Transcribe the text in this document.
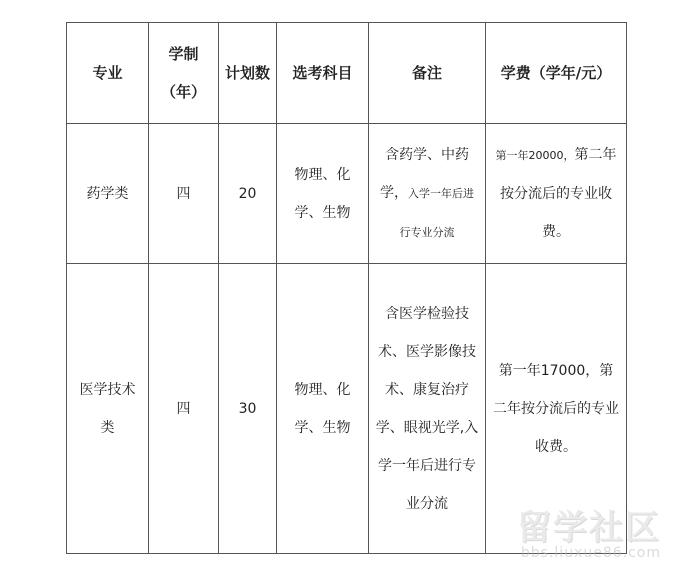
专业	学制（年）	计划数	选考科目	备注	学费（学年/元）
药学类	四	20	物理、化学、生物	含药学、中药学，入学一年后进行专业分流	第一年20000，第二年按分流后的专业收费。
医学技术类	四	30	物理、化学、生物	含医学检验技术、医学影像技术、康复治疗学、眼视光学,入学一年后进行专业分流	第一年17000，第二年按分流后的专业收费。
留学社区
bbs.liuxue86.com
